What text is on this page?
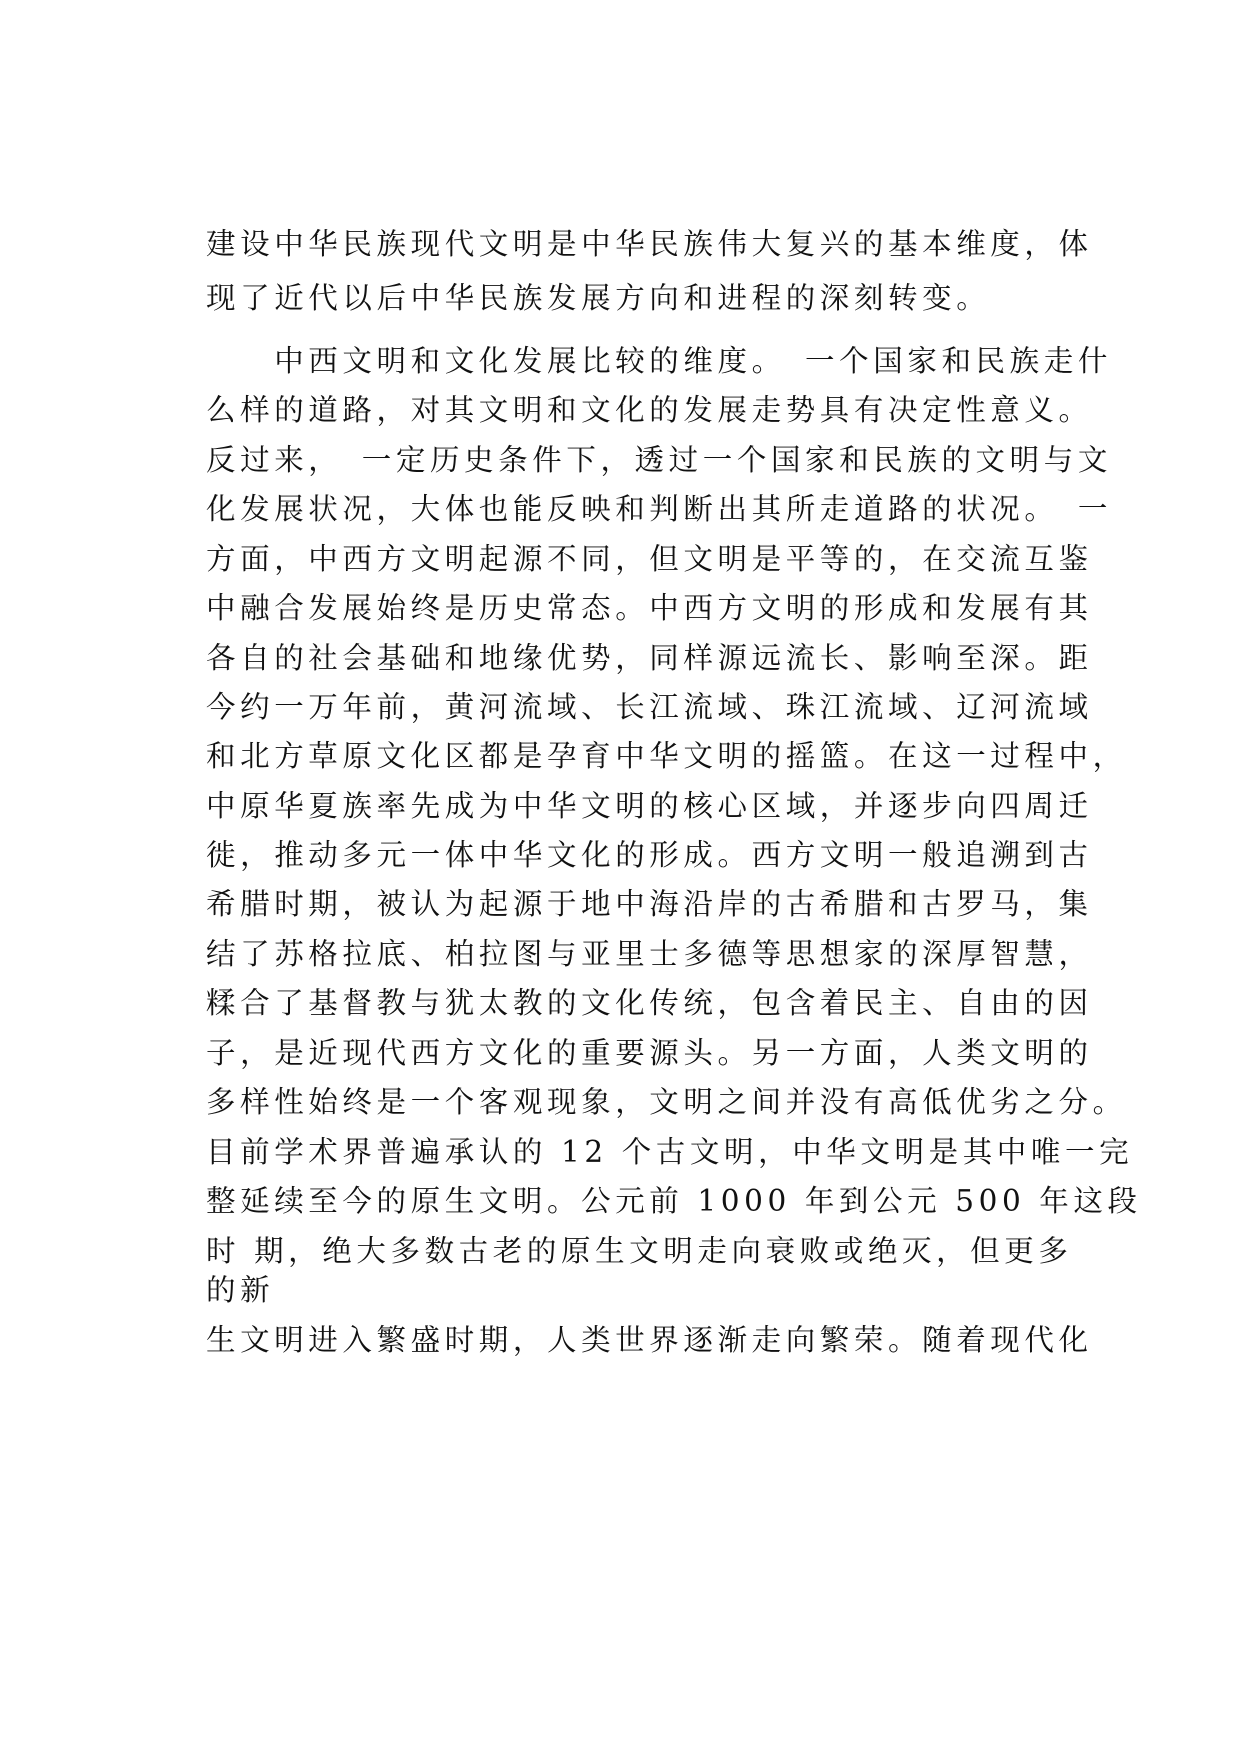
建设中华民族现代文明是中华民族伟大复兴的基本维度，体
现了近代以后中华民族发展方向和进程的深刻转变。
　　中西文明和文化发展比较的维度。　一个国家和民族走什
么样的道路，对其文明和文化的发展走势具有决定性意义。
反过来，　一定历史条件下，透过一个国家和民族的文明与文
化发展状况，大体也能反映和判断出其所走道路的状况。　一
方面，中西方文明起源不同，但文明是平等的，在交流互鉴
中融合发展始终是历史常态。中西方文明的形成和发展有其
各自的社会基础和地缘优势，同样源远流长、影响至深。距
今约一万年前，黄河流域、长江流域、珠江流域、辽河流域
和北方草原文化区都是孕育中华文明的摇篮。在这一过程中，
中原华夏族率先成为中华文明的核心区域，并逐步向四周迁
徙，推动多元一体中华文化的形成。西方文明一般追溯到古
希腊时期，被认为起源于地中海沿岸的古希腊和古罗马，集
结了苏格拉底、柏拉图与亚里士多德等思想家的深厚智慧，
糅合了基督教与犹太教的文化传统，包含着民主、自由的因
子，是近现代西方文化的重要源头。另一方面，人类文明的
多样性始终是一个客观现象，文明之间并没有高低优劣之分。
目前学术界普遍承认的 12 个古文明，中华文明是其中唯一完
整延续至今的原生文明。公元前 1000 年到公元 500 年这段
时 期，绝大多数古老的原生文明走向衰败或绝灭，但更多
的新
生文明进入繁盛时期，人类世界逐渐走向繁荣。随着现代化
